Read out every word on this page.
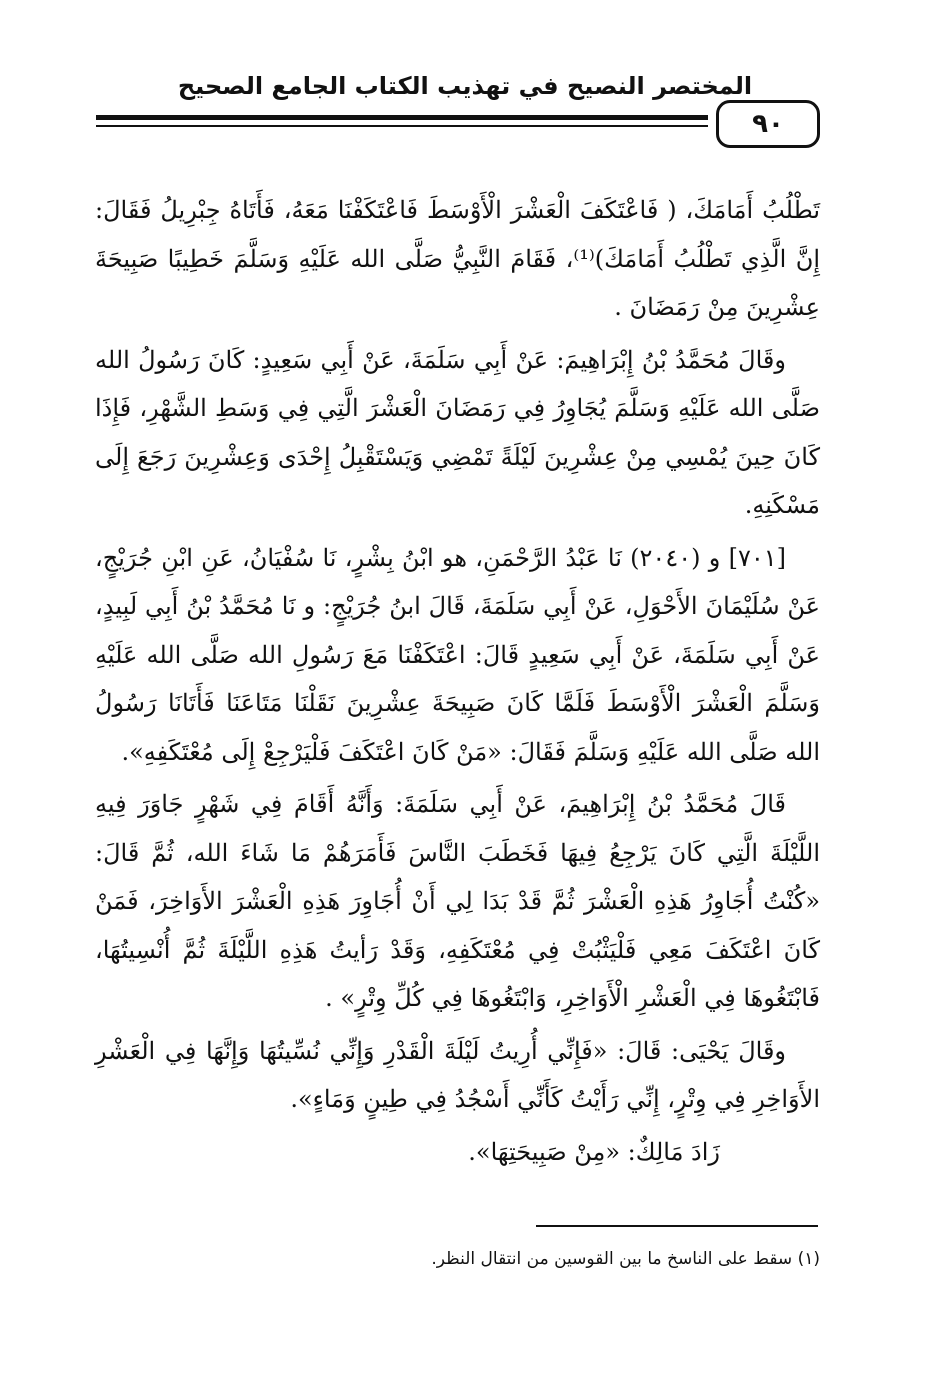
المختصر النصيح في تهذيب الكتاب الجامع الصحيح
٩٠

تَطْلُبُ أَمَامَكَ، ( فَاعْتَكَفَ الْعَشْرَ الْأَوْسَطَ فَاعْتَكَفْنَا مَعَهُ، فَأَتَاهُ جِبْرِيلُ فَقَالَ: إِنَّ الَّذِي تَطْلُبُ أَمَامَكَ)⁽¹⁾، فَقَامَ النَّبِيُّ صَلَّى الله عَلَيْهِ وَسَلَّمَ خَطِيبًا صَبِيحَةَ عِشْرِينَ مِنْ رَمَضَانَ .

وقَالَ مُحَمَّدُ بْنُ إِبْرَاهِيمَ: عَنْ أَبِي سَلَمَةَ، عَنْ أَبِي سَعِيدٍ: كَانَ رَسُولُ الله صَلَّى الله عَلَيْهِ وَسَلَّمَ يُجَاوِرُ فِي رَمَضَانَ الْعَشْرَ الَّتِي فِي وَسَطِ الشَّهْرِ، فَإِذَا كَانَ حِينَ يُمْسِي مِنْ عِشْرِينَ لَيْلَةً تَمْضِي وَيَسْتَقْبِلُ إِحْدَى وَعِشْرِينَ رَجَعَ إِلَى مَسْكَنِهِ.

[٧٠١] و (٢٠٤٠) نَا عَبْدُ الرَّحْمَنِ، هو ابْنُ بِشْرٍ، نَا سُفْيَانُ، عَنِ ابْنِ جُرَيْجٍ، عَنْ سُلَيْمَانَ الأَحْوَلِ، عَنْ أَبِي سَلَمَةَ، قَالَ ابنُ جُرَيْجٍ: و نَا مُحَمَّدُ بْنُ أَبِي لَبِيدٍ، عَنْ أَبِي سَلَمَةَ، عَنْ أَبِي سَعِيدٍ قَالَ: اعْتَكَفْنَا مَعَ رَسُولِ الله صَلَّى الله عَلَيْهِ وَسَلَّمَ الْعَشْرَ الْأَوْسَطَ فَلَمَّا كَانَ صَبِيحَةَ عِشْرِينَ نَقَلْنَا مَتَاعَنَا فَأَتَانَا رَسُولُ الله صَلَّى الله عَلَيْهِ وَسَلَّمَ فَقَالَ: «مَنْ كَانَ اعْتَكَفَ فَلْيَرْجِعْ إِلَى مُعْتَكَفِهِ».

قَالَ مُحَمَّدُ بْنُ إِبْرَاهِيمَ، عَنْ أَبِي سَلَمَةَ: وَأَنَّهُ أَقَامَ فِي شَهْرٍ جَاوَرَ فِيهِ اللَّيْلَةَ الَّتِي كَانَ يَرْجِعُ فِيهَا فَخَطَبَ النَّاسَ فَأَمَرَهُمْ مَا شَاءَ الله، ثُمَّ قَالَ: «كُنْتُ أُجَاوِرُ هَذِهِ الْعَشْرَ ثُمَّ قَدْ بَدَا لِي أَنْ أُجَاوِرَ هَذِهِ الْعَشْرَ الأَوَاخِرَ، فَمَنْ كَانَ اعْتَكَفَ مَعِي فَلْيَثْبُتْ فِي مُعْتَكَفِهِ، وَقَدْ رَأيتُ هَذِهِ اللَّيْلَةَ ثُمَّ أُنْسِيتُهَا، فَابْتَغُوهَا فِي الْعَشْرِ الْأَوَاخِرِ، وَابْتَغُوهَا فِي كُلِّ وِتْرٍ» .

وقَالَ يَحْيَى: قَالَ: «فَإِنِّي أُرِيتُ لَيْلَةَ الْقَدْرِ وَإِنِّي نُسِّيتُهَا وَإِنَّهَا فِي الْعَشْرِ الأَوَاخِرِ فِي وِتْرٍ، إِنِّي رَأَيْتُ كَأَنِّي أَسْجُدُ فِي طِينٍ وَمَاءٍ».

زَادَ مَالِكٌ: «مِنْ صَبِيحَتِهَا».

(١) سقط على الناسخ ما بين القوسين من انتقال النظر.
